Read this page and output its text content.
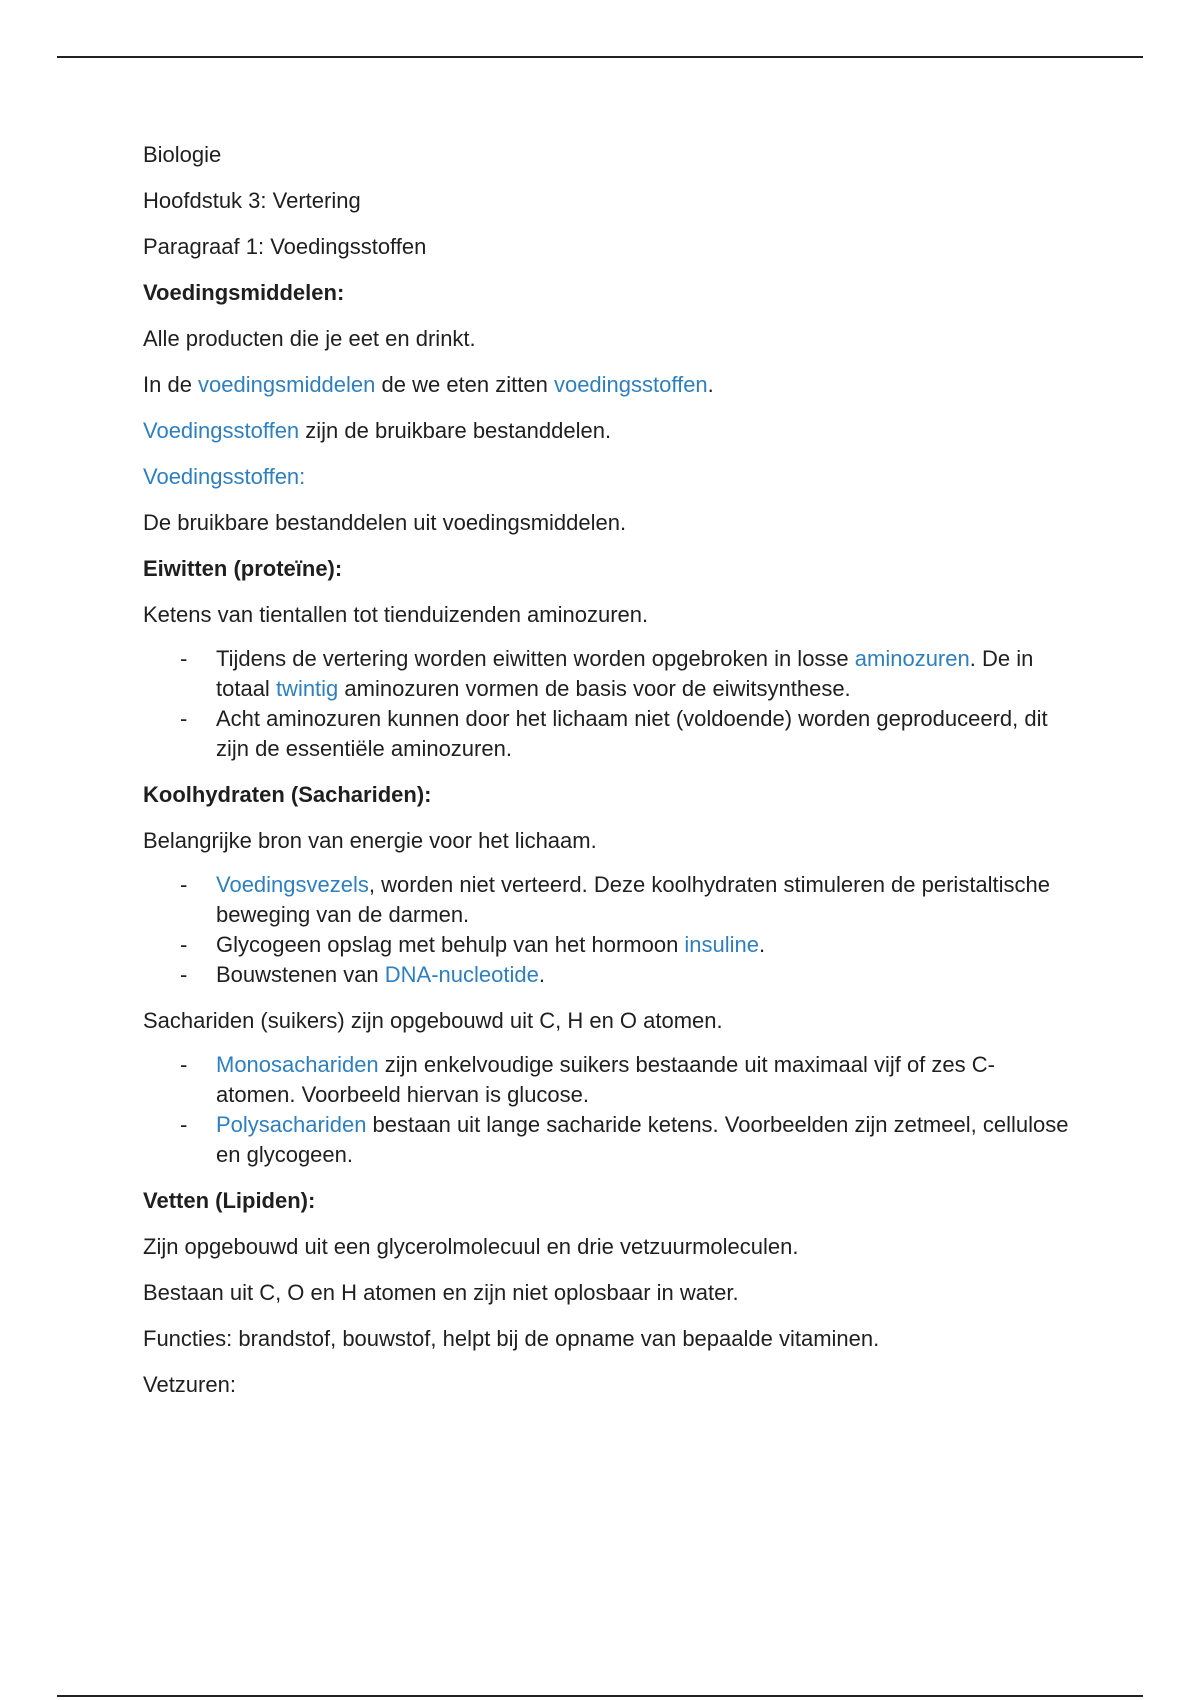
Biologie

Hoofdstuk 3: Vertering

Paragraaf 1: Voedingsstoffen

Voedingsmiddelen:

Alle producten die je eet en drinkt.

In de voedingsmiddelen de we eten zitten voedingsstoffen.

Voedingsstoffen zijn de bruikbare bestanddelen.

Voedingsstoffen:

De bruikbare bestanddelen uit voedingsmiddelen.

Eiwitten (proteïne):

Ketens van tientallen tot tienduizenden aminozuren.

- Tijdens de vertering worden eiwitten worden opgebroken in losse aminozuren. De in totaal twintig aminozuren vormen de basis voor de eiwitsynthese.
- Acht aminozuren kunnen door het lichaam niet (voldoende) worden geproduceerd, dit zijn de essentiële aminozuren.

Koolhydraten (Sachariden):

Belangrijke bron van energie voor het lichaam.

- Voedingsvezels, worden niet verteerd. Deze koolhydraten stimuleren de peristaltische beweging van de darmen.
- Glycogeen opslag met behulp van het hormoon insuline.
- Bouwstenen van DNA-nucleotide.

Sachariden (suikers) zijn opgebouwd uit C, H en O atomen.

- Monosachariden zijn enkelvoudige suikers bestaande uit maximaal vijf of zes C-atomen. Voorbeeld hiervan is glucose.
- Polysachariden bestaan uit lange sacharide ketens. Voorbeelden zijn zetmeel, cellulose en glycogeen.

Vetten (Lipiden):

Zijn opgebouwd uit een glycerolmolecuul en drie vetzuurmoleculen.

Bestaan uit C, O en H atomen en zijn niet oplosbaar in water.

Functies: brandstof, bouwstof, helpt bij de opname van bepaalde vitaminen.

Vetzuren:
